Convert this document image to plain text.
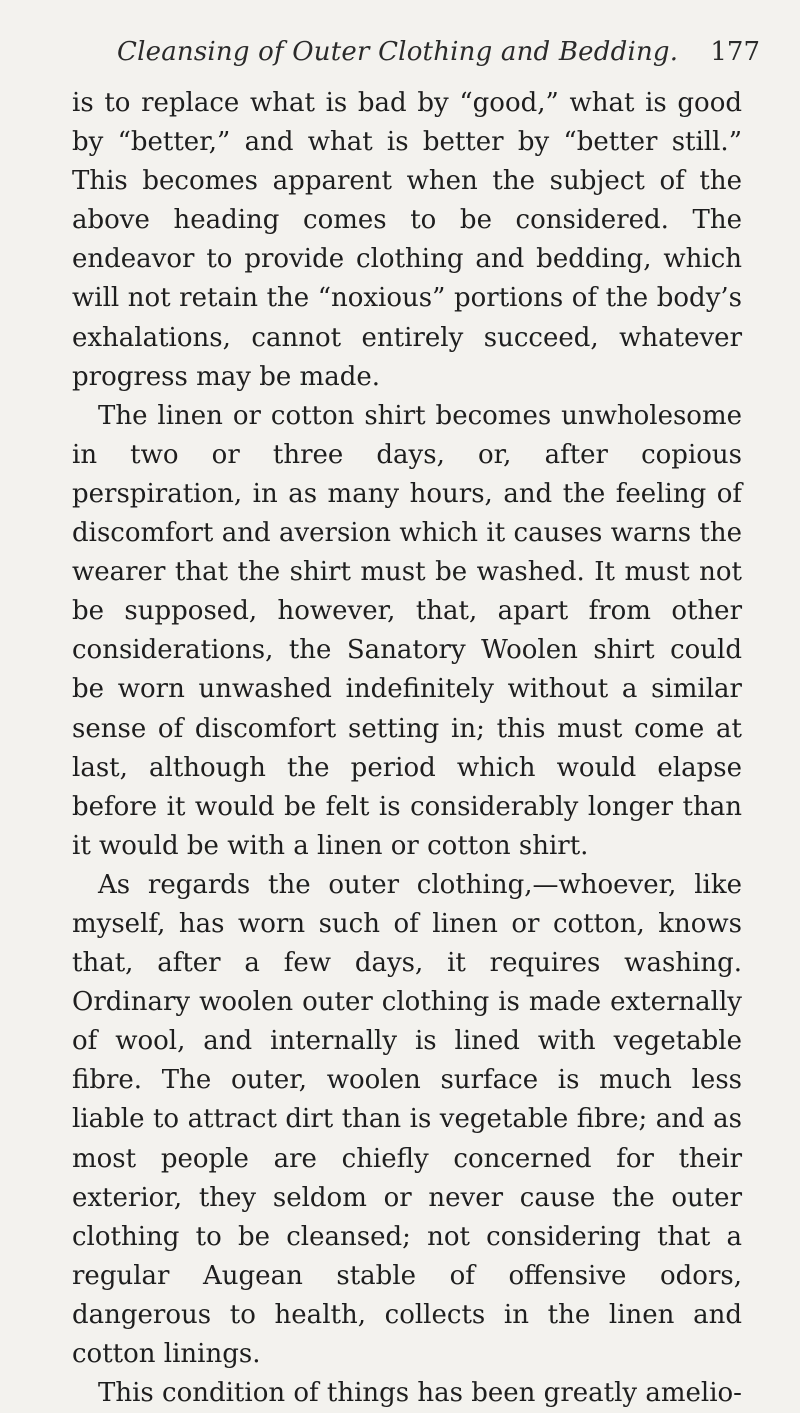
Cleansing of Outer Clothing and Bedding. 177

is to replace what is bad by “good,” what is good by “better,” and what is better by “better still.” This becomes apparent when the subject of the above heading comes to be considered. The endeavor to provide clothing and bedding, which will not retain the “noxious” portions of the body’s exhalations, cannot entirely succeed, whatever progress may be made.

The linen or cotton shirt becomes unwholesome in two or three days, or, after copious perspiration, in as many hours, and the feeling of discomfort and aversion which it causes warns the wearer that the shirt must be washed. It must not be supposed, however, that, apart from other considerations, the Sanatory Woolen shirt could be worn unwashed indefinitely without a similar sense of discomfort setting in; this must come at last, although the period which would elapse before it would be felt is considerably longer than it would be with a linen or cotton shirt.

As regards the outer clothing,—whoever, like myself, has worn such of linen or cotton, knows that, after a few days, it requires washing. Ordinary woolen outer clothing is made externally of wool, and internally is lined with vegetable fibre. The outer, woolen surface is much less liable to attract dirt than is vegetable fibre; and as most people are chiefly concerned for their exterior, they seldom or never cause the outer clothing to be cleansed; not considering that a regular Augean stable of offensive odors, dangerous to health, collects in the linen and cotton linings.

This condition of things has been greatly amelio-
